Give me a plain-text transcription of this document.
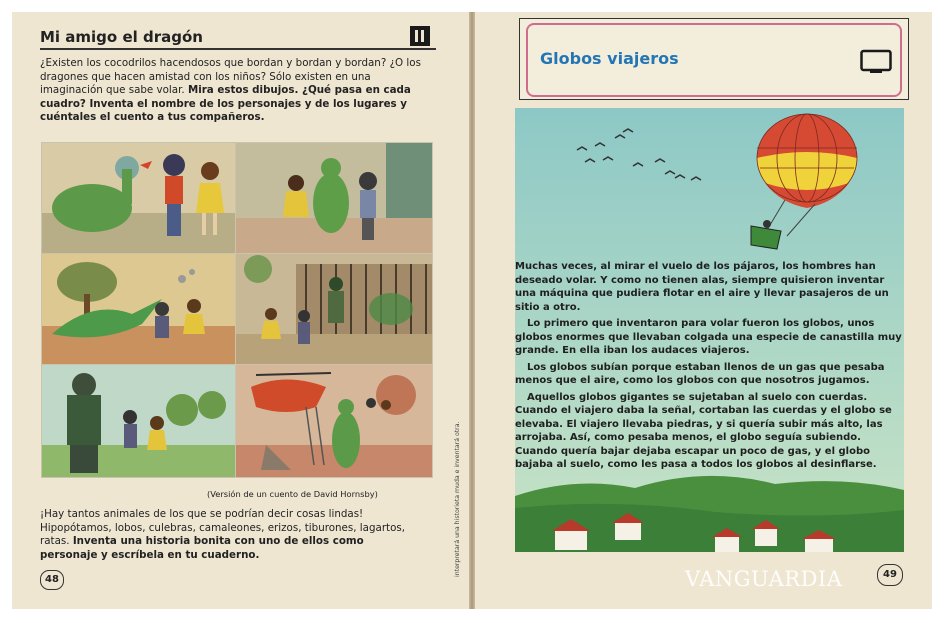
Mi amigo el dragón
¿Existen los cocodrilos hacendosos que bordan y bordan y bordan? ¿O los dragones que hacen amistad con los niños? Sólo existen en una imaginación que sabe volar. Mira estos dibujos. ¿Qué pasa en cada cuadro? Inventa el nombre de los personajes y de los lugares y cuéntales el cuento a tus compañeros.
(Versión de un cuento de David Hornsby)
¡Hay tantos animales de los que se podrían decir cosas lindas! Hipopótamos, lobos, culebras, camaleones, erizos, tiburones, lagartos, ratas. Inventa una historia bonita con uno de ellos como personaje y escríbela en tu cuaderno.	interpretará una historieta muda e inventará otra.
48
Globos viajeros

Muchas veces, al mirar el vuelo de los pájaros, los hombres han deseado volar. Y como no tienen alas, siempre quisieron inventar una máquina que pudiera flotar en el aire y llevar pasajeros de un sitio a otro.

Lo primero que inventaron para volar fueron los globos, unos globos enormes que llevaban colgada una especie de canastilla muy grande. En ella iban los audaces viajeros.

Los globos subían porque estaban llenos de un gas que pesaba menos que el aire, como los globos con que nosotros jugamos.

Aquellos globos gigantes se sujetaban al suelo con cuerdas. Cuando el viajero daba la señal, cortaban las cuerdas y el globo se elevaba. El viajero llevaba piedras, y si quería subir más alto, las arrojaba. Así, como pesaba menos, el globo seguía subiendo. Cuando quería bajar dejaba escapar un poco de gas, y el globo bajaba al suelo, como les pasa a todos los globos al desinflarse.

VANGUARDIA	49
